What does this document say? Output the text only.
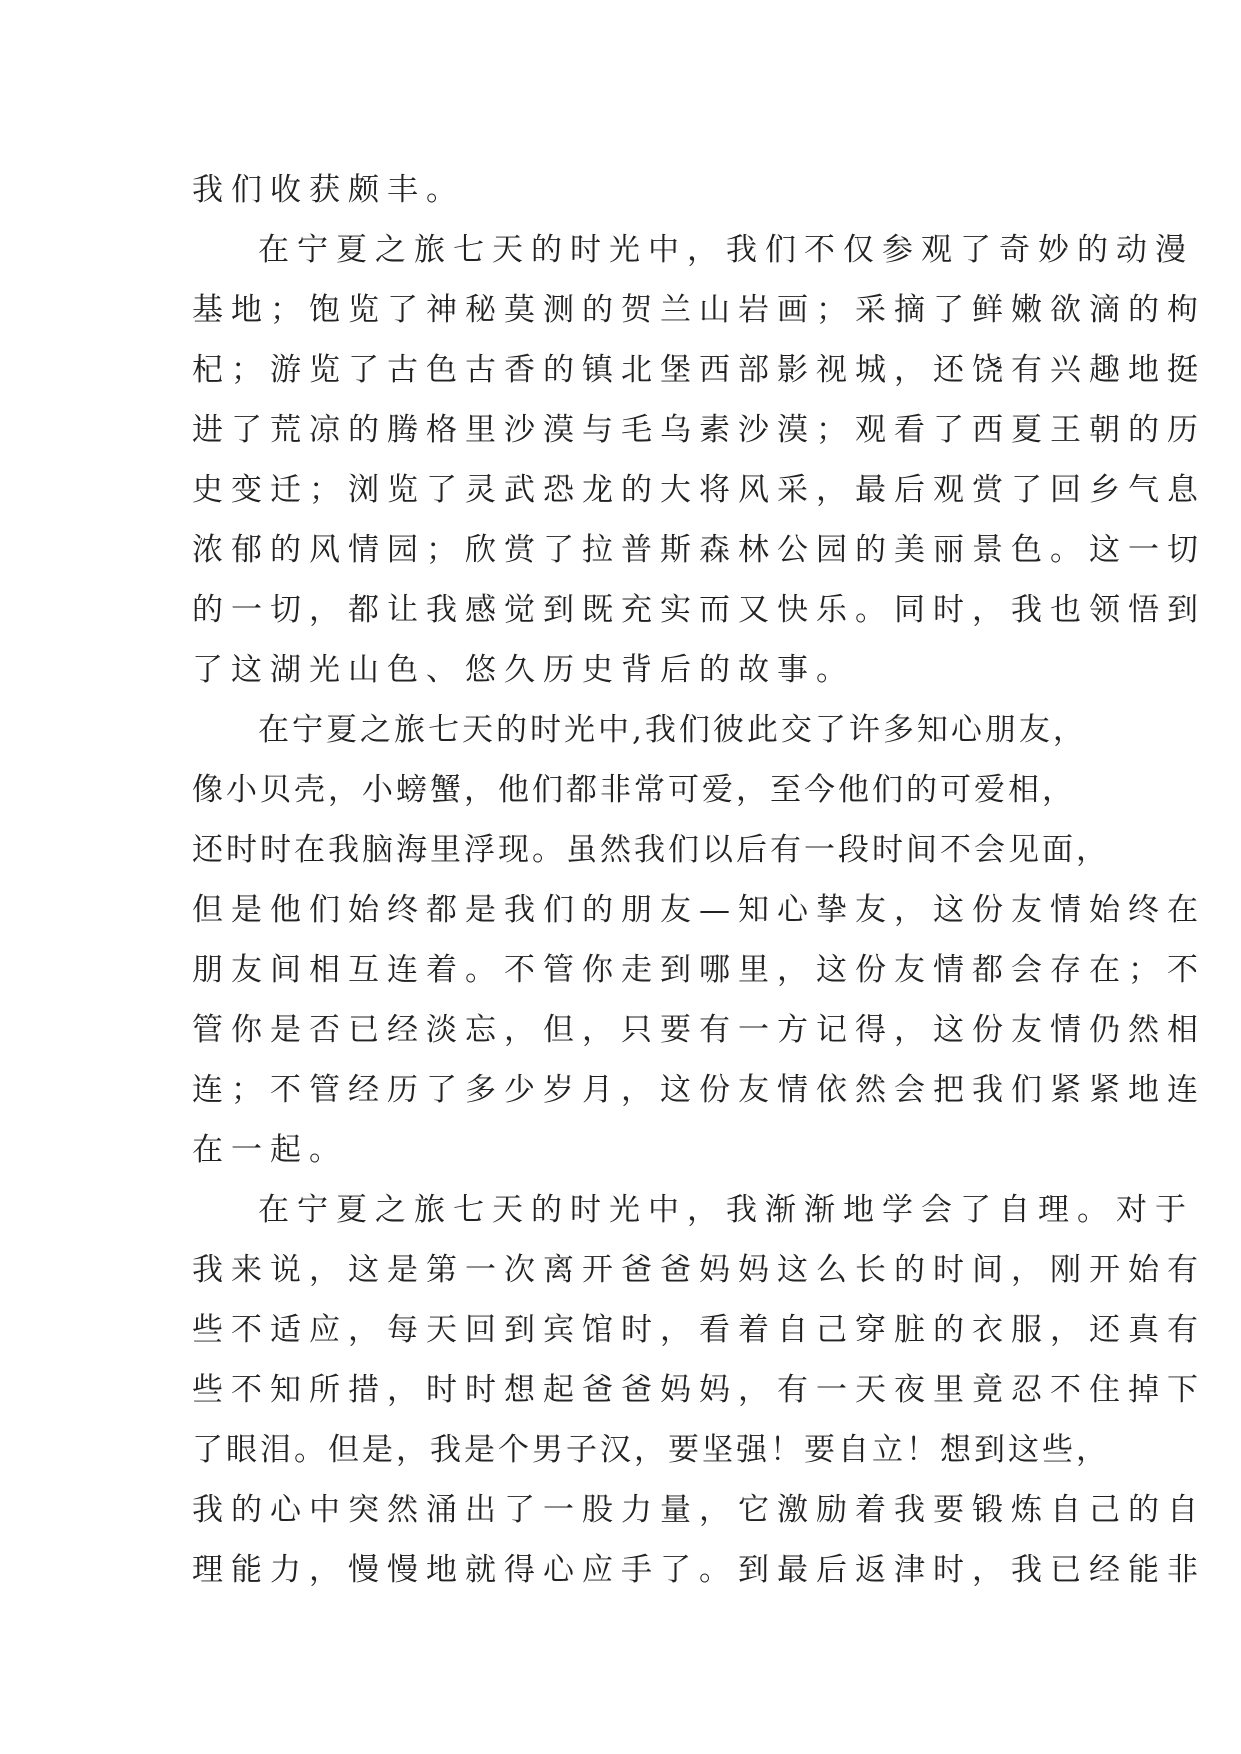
我们收获颇丰。
在宁夏之旅七天的时光中，我们不仅参观了奇妙的动漫
基地；饱览了神秘莫测的贺兰山岩画；采摘了鲜嫩欲滴的枸
杞；游览了古色古香的镇北堡西部影视城，还饶有兴趣地挺
进了荒凉的腾格里沙漠与毛乌素沙漠；观看了西夏王朝的历
史变迁；浏览了灵武恐龙的大将风采，最后观赏了回乡气息
浓郁的风情园；欣赏了拉普斯森林公园的美丽景色。这一切
的一切，都让我感觉到既充实而又快乐。同时，我也领悟到
了这湖光山色、悠久历史背后的故事。
在宁夏之旅七天的时光中,我们彼此交了许多知心朋友，
像小贝壳，小螃蟹，他们都非常可爱，至今他们的可爱相，
还时时在我脑海里浮现。虽然我们以后有一段时间不会见面，
但是他们始终都是我们的朋友—知心挚友，这份友情始终在
朋友间相互连着。不管你走到哪里，这份友情都会存在；不
管你是否已经淡忘，但，只要有一方记得，这份友情仍然相
连；不管经历了多少岁月，这份友情依然会把我们紧紧地连
在一起。
在宁夏之旅七天的时光中，我渐渐地学会了自理。对于
我来说，这是第一次离开爸爸妈妈这么长的时间，刚开始有
些不适应，每天回到宾馆时，看着自己穿脏的衣服，还真有
些不知所措，时时想起爸爸妈妈，有一天夜里竟忍不住掉下
了眼泪。但是，我是个男子汉，要坚强！要自立！想到这些，
我的心中突然涌出了一股力量，它激励着我要锻炼自己的自
理能力，慢慢地就得心应手了。到最后返津时，我已经能非
